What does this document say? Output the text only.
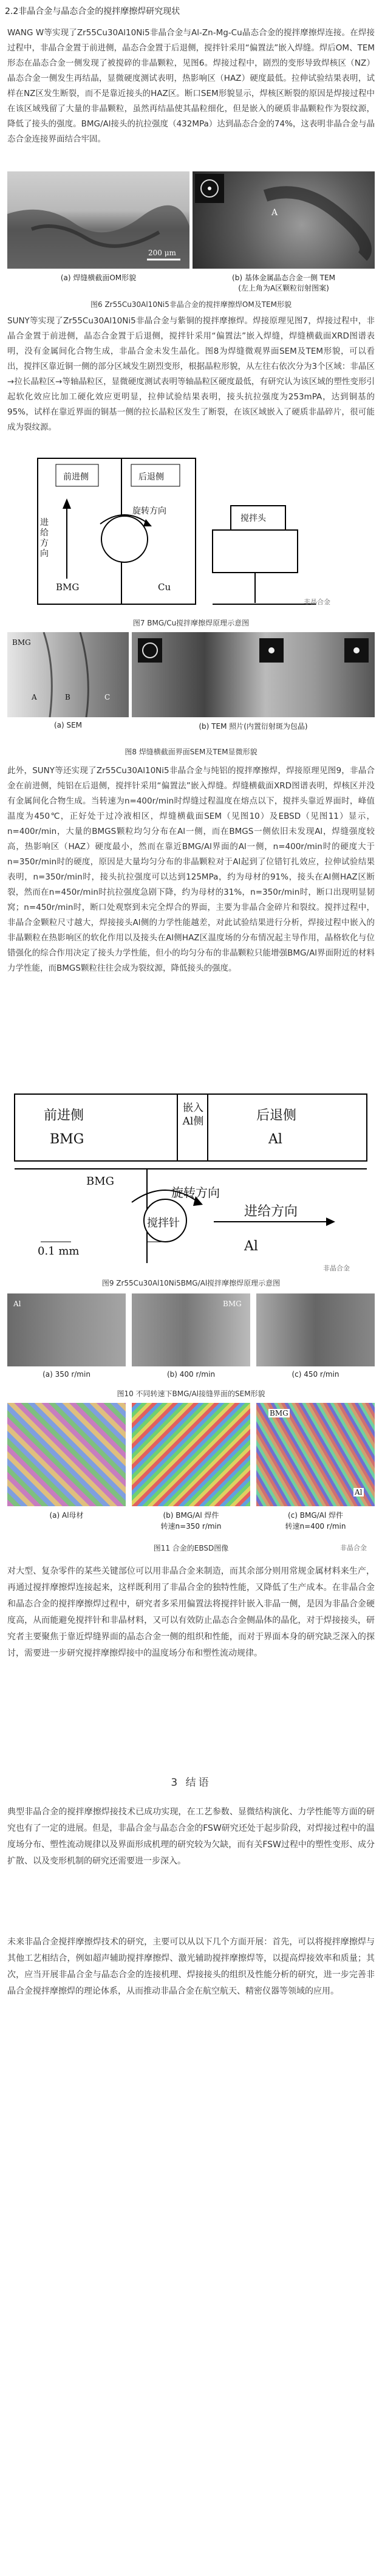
2.2非晶合金与晶态合金的搅拌摩擦焊研究现状

WANG W等实现了Zr55Cu30Al10Ni5非晶合金与Al-Zn-Mg-Cu晶态合金的搅拌摩擦焊连接。在焊接过程中，非晶合金置于前进侧，晶态合金置于后退侧，搅拌针采用“偏置法”嵌入焊缝。焊后OM、TEM形态在晶态合金一侧发现了被搅碎的非晶颗粒，见图6。焊接过程中，剧烈的变形导致焊核区（NZ）晶态合金一侧发生再结晶，显微硬度测试表明，热影响区（HAZ）硬度最低。拉伸试验结果表明，试样在NZ区发生断裂，而不是靠近接头的HAZ区。断口SEM形貌显示，焊核区断裂的原因是焊接过程中在该区域残留了大量的非晶颗粒，虽然再结晶使其晶粒细化，但是嵌入的硬质非晶颗粒作为裂纹源，降低了接头的强度。BMG/Al接头的抗拉强度（432MPa）达到晶态合金的74%，这表明非晶合金与晶态合金连接界面结合牢固。

200 μm
A
(a) 焊缝横截面OM形貌	(b) 基体金属晶态合金一侧 TEM
(左上角为A区颗粒衍射图案)
图6 Zr55Cu30Al10Ni5非晶合金的搅拌摩擦焊OM及TEM形貌

SUNY等实现了Zr55Cu30Al10Ni5非晶合金与紫铜的搅拌摩擦焊。焊接原理见图7，焊接过程中，非晶合金置于前进侧，晶态合金置于后退侧，搅拌针采用“偏置法”嵌入焊缝，焊缝横截面XRD图谱表明，没有金属间化合物生成，非晶合金未发生晶化。图8为焊缝微观界面SEM及TEM形貌，可以看出，搅拌区靠近铜一侧的部分区域发生剧烈变形，根据晶粒形貌，从左往右依次分为3个区域：非晶区→拉长晶粒区→等轴晶粒区，显微硬度测试表明等轴晶粒区硬度最低，有研究认为该区域的塑性变形引起软化效应比加工硬化效应更明显，拉伸试验结果表明，接头抗拉强度为253mPA，达到铜基的95%，试样在靠近界面的铜基一侧的拉长晶粒区发生了断裂，在该区域嵌入了硬质非晶碎片，很可能成为裂纹源。

前进侧	后退侧
进给方向
旋转方向
BMG	Cu
搅拌头
非晶合金
图7 BMG/Cu搅拌摩擦焊原理示意图
BMG
A	B	C
(a) SEM	(b) TEM 照片(内置衍射斑为包晶)
图8 焊缝横截面界面SEM及TEM显微形貌

此外，SUNY等还实现了Zr55Cu30Al10Ni5非晶合金与纯铝的搅拌摩擦焊，焊接原理见图9，非晶合金在前进侧，纯铝在后退侧，搅拌针采用“偏置法”嵌入焊缝。焊缝横截面XRD图谱表明，焊核区并没有金属间化合物生成。当转速为n=400r/min时焊缝过程温度在熔点以下，搅拌头靠近界面时，峰值温度为450℃，正好处于过冷液相区，焊缝横截面SEM（见图10）及EBSD（见图11）显示，n=400r/min，大量的BMGS颗粒均匀分布在Al一侧，而在BMGS一侧依旧未发现Al，焊缝强度较高，热影响区（HAZ）硬度最小，然而在靠近BMG/Al界面的Al一侧，n=400r/min时的硬度大于n=350r/min时的硬度，原因是大量均匀分布的非晶颗粒对于Al起到了位错钉扎效应，拉伸试验结果表明，n=350r/min时，接头抗拉强度可以达到125MPa，约为母材的91%，接头在Al侧HAZ区断裂，然而在n=450r/min时抗拉强度急剧下降，约为母材的31%，n=350r/min时，断口出现明显韧窝；n=450r/min时，断口处观察到未完全焊合的界面，主要为非晶合金碎片和裂纹。搅拌过程中，非晶合金颗粒尺寸越大，焊接接头Al侧的力学性能越差，对此试验结果进行分析，焊接过程中嵌入的非晶颗粒在热影响区的软化作用以及接头在Al侧HAZ区温度场的分布情况起主导作用，晶格软化与位错强化的综合作用决定了接头力学性能，但小的均匀分布的非晶颗粒只能增强BMG/Al界面附近的材料力学性能，而BMGS颗粒往往会成为裂纹源，降低接头的强度。

前进侧	后退侧
嵌入Al侧
BMG	Al
BMG
旋转方向
进给方向
搅拌针
0.1 mm	Al
非晶合金
图9 Zr55Cu30Al10Ni5BMG/Al搅拌摩擦焊原理示意图
Al	BMG
(a) 350 r/min	(b) 400 r/min	(c) 450 r/min
图10 不同转速下BMG/Al接缝界面的SEM形貌
BMG
Al
(a) Al母材	(b) BMG/Al 焊件
转速n=350 r/min
(c) BMG/Al 焊件
转速n=400 r/min
图11 合金的EBSD图像	非晶合金

对大型、复杂零件的某些关键部位可以用非晶合金来制造，而其余部分则用常规金属材料来生产，再通过搅拌摩擦焊连接起来，这样既利用了非晶合金的独特性能，又降低了生产成本。在非晶合金和晶态合金的搅拌摩擦焊过程中，研究者多采用偏置法将搅拌针嵌入非晶一侧，是因为非晶合金硬度高，从而能避免搅拌针和非晶材料，又可以有效防止晶态合金侧晶体的晶化，对于焊接接头，研究者主要聚焦于靠近焊缝界面的晶态合金一侧的组织和性能，而对于界面本身的研究缺乏深入的探讨，需要进一步研究搅拌摩擦焊接中的温度场分布和塑性流动规律。

3 结语

典型非晶合金的搅拌摩擦焊接技术已成功实现，在工艺参数、显微结构演化、力学性能等方面的研究也有了一定的进展。但是，非晶合金与晶态合金的FSW研究还处于起步阶段，对焊接过程中的温度场分布、塑性流动规律以及界面形成机理的研究较为欠缺，而有关FSW过程中的塑性变形、成分扩散、以及变形机制的研究还需要进一步深入。

未来非晶合金搅拌摩擦焊技术的研究，主要可以从以下几个方面开展：首先，可以将搅拌摩擦焊与其他工艺相结合，例如超声辅助搅拌摩擦焊、激光辅助搅拌摩擦焊等，以提高焊接效率和质量；其次，应当开展非晶合金与晶态合金的连接机理、焊接接头的组织及性能分析的研究，进一步完善非晶合金搅拌摩擦焊的理论体系，从而推动非晶合金在航空航天、精密仪器等领域的应用。
